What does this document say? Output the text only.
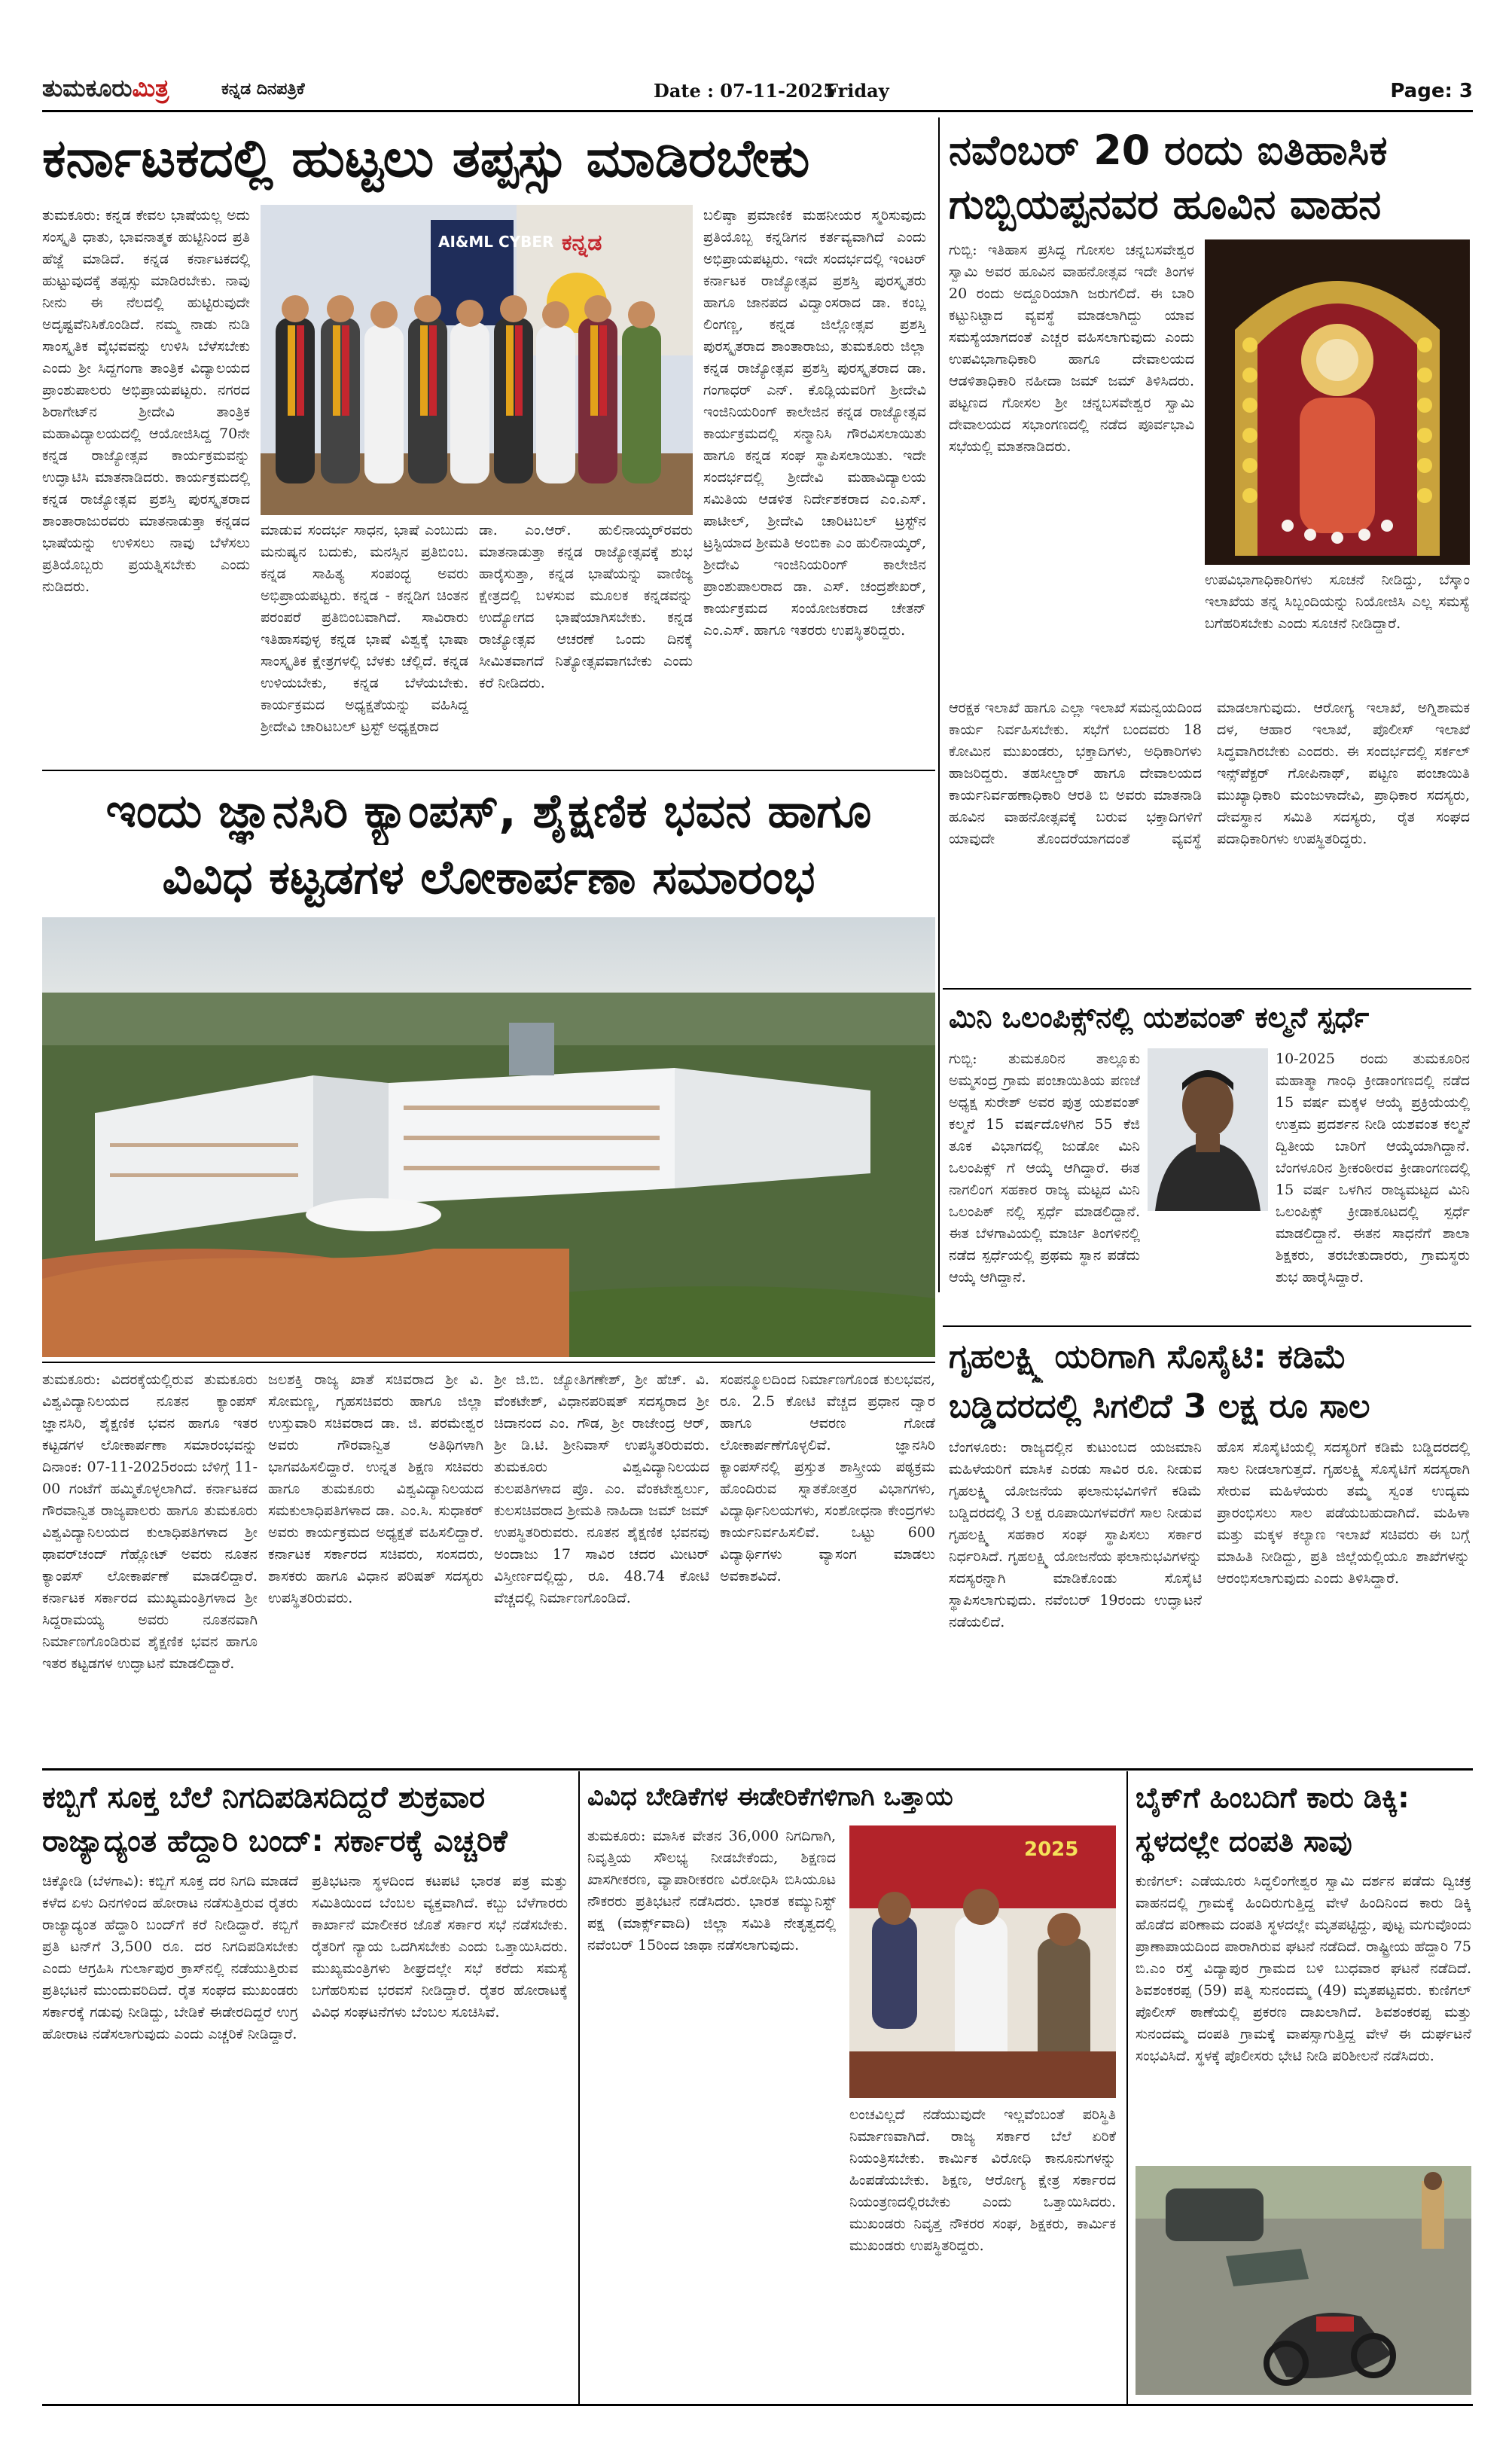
ತುಮಕೂರುಮಿತ್ರ	ಕನ್ನಡ ದಿನಪತ್ರಿಕೆ	Date : 07-11-2025
Friday	Page: 3
ಕರ್ನಾಟಕದಲ್ಲಿ ಹುಟ್ಟಲು ತಪ್ಪಸ್ಸು ಮಾಡಿರಬೇಕು
ತುಮಕೂರು: ಕನ್ನಡ ಕೇವಲ ಭಾಷೆಯಲ್ಲ ಅದು ಸಂಸ್ಕೃತಿ ಧಾತು, ಭಾವನಾತ್ಮಕ ಹುಟ್ಟಿನಿಂದ ಪ್ರತಿ ಹೆಜ್ಜೆ ಮಾಡಿದೆ. ಕನ್ನಡ ಕರ್ನಾಟಕದಲ್ಲಿ ಹುಟ್ಟುವುದಕ್ಕೆ ತಪ್ಪಸ್ಸು ಮಾಡಿರಬೇಕು. ನಾವು ನೀನು ಈ ನೆಲದಲ್ಲಿ ಹುಟ್ಟಿರುವುದೇ ಅದೃಷ್ಟವೆನಿಸಿಕೊಂಡಿದೆ. ನಮ್ಮ ನಾಡು ನುಡಿ ಸಾಂಸ್ಕೃತಿಕ ವೈಭವವನ್ನು ಉಳಿಸಿ ಬೆಳೆಸಬೇಕು ಎಂದು ಶ್ರೀ ಸಿದ್ದಗಂಗಾ ತಾಂತ್ರಿಕ ವಿದ್ಯಾಲಯದ ಪ್ರಾಂಶುಪಾಲರು ಅಭಿಪ್ರಾಯಪಟ್ಟರು. ನಗರದ ಶಿರಾಗೇಟ್‌ನ ಶ್ರೀದೇವಿ ತಾಂತ್ರಿಕ ಮಹಾವಿದ್ಯಾಲಯದಲ್ಲಿ ಆಯೋಜಿಸಿದ್ದ 70ನೇ ಕನ್ನಡ ರಾಜ್ಯೋತ್ಸವ ಕಾರ್ಯಕ್ರಮವನ್ನು ಉದ್ಘಾಟಿಸಿ ಮಾತನಾಡಿದರು. ಕಾರ್ಯಕ್ರಮದಲ್ಲಿ ಕನ್ನಡ ರಾಜ್ಯೋತ್ಸವ ಪ್ರಶಸ್ತಿ ಪುರಸ್ಕೃತರಾದ ಶಾಂತಾರಾಜುರವರು ಮಾತನಾಡುತ್ತಾ ಕನ್ನಡದ ಭಾಷೆಯನ್ನು ಉಳಿಸಲು ನಾವು ಬೆಳೆಸಲು ಪ್ರತಿಯೊಬ್ಬರು ಪ್ರಯತ್ನಿಸಬೇಕು ಎಂದು ನುಡಿದರು.
AI&ML CYBER ಕನ್ನಡ
ಮಾಡುವ ಸಂದರ್ಭ ಸಾಧನ, ಭಾಷೆ ಎಂಬುದು ಮನುಷ್ಯನ ಬದುಕು, ಮನಸ್ಸಿನ ಪ್ರತಿಬಿಂಬ. ಕನ್ನಡ ಸಾಹಿತ್ಯ ಸಂಪಂದ್ಭ ಅವರು ಅಭಿಪ್ರಾಯಪಟ್ಟರು. ಕನ್ನಡ - ಕನ್ನಡಿಗ ಚಿಂತನ ಪರಂಪರೆ ಪ್ರತಿಬಿಂಬವಾಗಿದೆ. ಸಾವಿರಾರು ಇತಿಹಾಸವುಳ್ಳ ಕನ್ನಡ ಭಾಷೆ ವಿಶ್ವಕ್ಕೆ ಭಾಷಾ ಸಾಂಸ್ಕೃತಿಕ ಕ್ಷೇತ್ರಗಳಲ್ಲಿ ಬೆಳಕು ಚೆಲ್ಲಿದೆ. ಕನ್ನಡ ಉಳಿಯಬೇಕು, ಕನ್ನಡ ಬೆಳೆಯಬೇಕು. ಕಾರ್ಯಕ್ರಮದ ಅಧ್ಯಕ್ಷತೆಯನ್ನು ವಹಿಸಿದ್ದ ಶ್ರೀದೇವಿ ಚಾರಿಟಬಲ್ ಟ್ರಸ್ಟ್ ಅಧ್ಯಕ್ಷರಾದ
ಡಾ. ಎಂ.ಆರ್. ಹುಲಿನಾಯ್ಕರ್‌ರವರು ಮಾತನಾಡುತ್ತಾ ಕನ್ನಡ ರಾಜ್ಯೋತ್ಸವಕ್ಕೆ ಶುಭ ಹಾರೈಸುತ್ತಾ, ಕನ್ನಡ ಭಾಷೆಯನ್ನು ವಾಣಿಜ್ಯ ಕ್ಷೇತ್ರದಲ್ಲಿ ಬಳಸುವ ಮೂಲಕ ಕನ್ನಡವನ್ನು ಉದ್ಯೋಗದ ಭಾಷೆಯಾಗಿಸಬೇಕು. ಕನ್ನಡ ರಾಜ್ಯೋತ್ಸವ ಆಚರಣೆ ಒಂದು ದಿನಕ್ಕೆ ಸೀಮಿತವಾಗದೆ ನಿತ್ಯೋತ್ಸವವಾಗಬೇಕು ಎಂದು ಕರೆ ನೀಡಿದರು.
ಬಲಿಷ್ಠಾ ಪ್ರಮಾಣಿಕ ಮಹನೀಯರ ಸ್ಮರಿಸುವುದು ಪ್ರತಿಯೊಬ್ಬ ಕನ್ನಡಿಗನ ಕರ್ತವ್ಯವಾಗಿದೆ ಎಂದು ಅಭಿಪ್ರಾಯಪಟ್ಟರು. ಇದೇ ಸಂದರ್ಭದಲ್ಲಿ ಇಂಟರ್ ಕರ್ನಾಟಕ ರಾಜ್ಯೋತ್ಸವ ಪ್ರಶಸ್ತಿ ಪುರಸ್ಕೃತರು ಹಾಗೂ ಜಾನಪದ ವಿದ್ವಾಂಸರಾದ ಡಾ. ಕಂಬ್ಲ ಲಿಂಗಣ್ಣ, ಕನ್ನಡ ಜಿಲ್ಲೋತ್ಸವ ಪ್ರಶಸ್ತಿ ಪುರಸ್ಕೃತರಾದ ಶಾಂತಾರಾಜು, ತುಮಕೂರು ಜಿಲ್ಲಾ ಕನ್ನಡ ರಾಜ್ಯೋತ್ಸವ ಪ್ರಶಸ್ತಿ ಪುರಸ್ಕೃತರಾದ ಡಾ. ಗಂಗಾಧರ್ ಎನ್. ಕೊಡ್ಲಿಯವರಿಗೆ ಶ್ರೀದೇವಿ ಇಂಜಿನಿಯರಿಂಗ್ ಕಾಲೇಜಿನ ಕನ್ನಡ ರಾಜ್ಯೋತ್ಸವ ಕಾರ್ಯಕ್ರಮದಲ್ಲಿ ಸನ್ಮಾನಿಸಿ ಗೌರವಿಸಲಾಯಿತು ಹಾಗೂ ಕನ್ನಡ ಸಂಘ ಸ್ಥಾಪಿಸಲಾಯಿತು. ಇದೇ ಸಂದರ್ಭದಲ್ಲಿ ಶ್ರೀದೇವಿ ಮಹಾವಿದ್ಯಾಲಯ ಸಮಿತಿಯ ಆಡಳಿತ ನಿರ್ದೇಶಕರಾದ ಎಂ.ಎಸ್. ಪಾಟೀಲ್, ಶ್ರೀದೇವಿ ಚಾರಿಟಬಲ್ ಟ್ರಸ್ಟ್‌ನ ಟ್ರಸ್ಟಿಯಾದ ಶ್ರೀಮತಿ ಅಂಬಿಕಾ ಎಂ ಹುಲಿನಾಯ್ಕರ್, ಶ್ರೀದೇವಿ ಇಂಜಿನಿಯರಿಂಗ್ ಕಾಲೇಜಿನ ಪ್ರಾಂಶುಪಾಲರಾದ ಡಾ. ಎಸ್. ಚಂದ್ರಶೇಖರ್, ಕಾರ್ಯಕ್ರಮದ ಸಂಯೋಜಕರಾದ ಚೇತನ್ ಎಂ.ಎಸ್. ಹಾಗೂ ಇತರರು ಉಪಸ್ಥಿತರಿದ್ದರು.
ಇಂದು ಜ್ಞಾನಸಿರಿ ಕ್ಯಾಂಪಸ್, ಶೈಕ್ಷಣಿಕ ಭವನ ಹಾಗೂ
ವಿವಿಧ ಕಟ್ಟಡಗಳ ಲೋಕಾರ್ಪಣಾ ಸಮಾರಂಭ
ತುಮಕೂರು: ವಿದರಕ್ಕೆಯಲ್ಲಿರುವ ತುಮಕೂರು ವಿಶ್ವವಿದ್ಯಾನಿಲಯದ ನೂತನ ಕ್ಯಾಂಪಸ್ ಜ್ಞಾನಸಿರಿ, ಶೈಕ್ಷಣಿಕ ಭವನ ಹಾಗೂ ಇತರ ಕಟ್ಟಡಗಳ ಲೋಕಾರ್ಪಣಾ ಸಮಾರಂಭವನ್ನು ದಿನಾಂಕ: 07-11-2025ರಂದು ಬೆಳಿಗ್ಗೆ 11-00 ಗಂಟೆಗೆ ಹಮ್ಮಿಕೊಳ್ಳಲಾಗಿದೆ. ಕರ್ನಾಟಕದ ಗೌರವಾನ್ವಿತ ರಾಜ್ಯಪಾಲರು ಹಾಗೂ ತುಮಕೂರು ವಿಶ್ವವಿದ್ಯಾನಿಲಯದ ಕುಲಾಧಿಪತಿಗಳಾದ ಶ್ರೀ ಥಾವರ್‌ಚಂದ್ ಗೆಹ್ಲೋಟ್ ಅವರು ನೂತನ ಕ್ಯಾಂಪಸ್ ಲೋಕಾರ್ಪಣೆ ಮಾಡಲಿದ್ದಾರೆ. ಕರ್ನಾಟಕ ಸರ್ಕಾರದ ಮುಖ್ಯಮಂತ್ರಿಗಳಾದ ಶ್ರೀ ಸಿದ್ದರಾಮಯ್ಯ ಅವರು ನೂತನವಾಗಿ ನಿರ್ಮಾಣಗೊಂಡಿರುವ ಶೈಕ್ಷಣಿಕ ಭವನ ಹಾಗೂ ಇತರ ಕಟ್ಟಡಗಳ ಉದ್ಘಾಟನೆ ಮಾಡಲಿದ್ದಾರೆ.
ಜಲಶಕ್ತಿ ರಾಜ್ಯ ಖಾತೆ ಸಚಿವರಾದ ಶ್ರೀ ವಿ. ಸೋಮಣ್ಣ, ಗೃಹಸಚಿವರು ಹಾಗೂ ಜಿಲ್ಲಾ ಉಸ್ತುವಾರಿ ಸಚಿವರಾದ ಡಾ. ಜಿ. ಪರಮೇಶ್ವರ ಅವರು ಗೌರವಾನ್ವಿತ ಅತಿಥಿಗಳಾಗಿ ಭಾಗವಹಿಸಲಿದ್ದಾರೆ. ಉನ್ನತ ಶಿಕ್ಷಣ ಸಚಿವರು ಹಾಗೂ ತುಮಕೂರು ವಿಶ್ವವಿದ್ಯಾನಿಲಯದ ಸಮಕುಲಾಧಿಪತಿಗಳಾದ ಡಾ. ಎಂ.ಸಿ. ಸುಧಾಕರ್ ಅವರು ಕಾರ್ಯಕ್ರಮದ ಅಧ್ಯಕ್ಷತೆ ವಹಿಸಲಿದ್ದಾರೆ. ಕರ್ನಾಟಕ ಸರ್ಕಾರದ ಸಚಿವರು, ಸಂಸದರು, ಶಾಸಕರು ಹಾಗೂ ವಿಧಾನ ಪರಿಷತ್ ಸದಸ್ಯರು ಉಪಸ್ಥಿತರಿರುವರು.
ಶ್ರೀ ಜಿ.ಬಿ. ಜ್ಯೋತಿಗಣೇಶ್, ಶ್ರೀ ಹೆಚ್. ವಿ. ವೆಂಕಟೇಶ್, ವಿಧಾನಪರಿಷತ್ ಸದಸ್ಯರಾದ ಶ್ರೀ ಚಿದಾನಂದ ಎಂ. ಗೌಡ, ಶ್ರೀ ರಾಜೇಂದ್ರ ಆರ್, ಶ್ರೀ ಡಿ.ಟಿ. ಶ್ರೀನಿವಾಸ್ ಉಪಸ್ಥಿತರಿರುವರು. ತುಮಕೂರು ವಿಶ್ವವಿದ್ಯಾನಿಲಯದ ಕುಲಪತಿಗಳಾದ ಪ್ರೊ. ಎಂ. ವೆಂಕಟೇಶ್ವರ್ಲು, ಕುಲಸಚಿವರಾದ ಶ್ರೀಮತಿ ನಾಹಿದಾ ಜಮ್ ಜಮ್ ಉಪಸ್ಥಿತರಿರುವರು. ನೂತನ ಶೈಕ್ಷಣಿಕ ಭವನವು ಅಂದಾಜು 17 ಸಾವಿರ ಚದರ ಮೀಟರ್ ವಿಸ್ತೀರ್ಣದಲ್ಲಿದ್ದು, ರೂ. 48.74 ಕೋಟಿ ವೆಚ್ಚದಲ್ಲಿ ನಿರ್ಮಾಣಗೊಂಡಿದೆ.
ಸಂಪನ್ಮೂಲದಿಂದ ನಿರ್ಮಾಣಗೊಂಡ ಕುಲಭವನ, ರೂ. 2.5 ಕೋಟಿ ವೆಚ್ಚದ ಪ್ರಧಾನ ದ್ವಾರ ಹಾಗೂ ಆವರಣ ಗೋಡೆ ಲೋಕಾರ್ಪಣೆಗೊಳ್ಳಲಿವೆ. ಜ್ಞಾನಸಿರಿ ಕ್ಯಾಂಪಸ್‌ನಲ್ಲಿ ಪ್ರಸ್ತುತ ಶಾಸ್ತ್ರೀಯ ಪಠ್ಯಕ್ರಮ ಹೊಂದಿರುವ ಸ್ನಾತಕೋತ್ತರ ವಿಭಾಗಗಳು, ವಿದ್ಯಾರ್ಥಿನಿಲಯಗಳು, ಸಂಶೋಧನಾ ಕೇಂದ್ರಗಳು ಕಾರ್ಯನಿರ್ವಹಿಸಲಿವೆ. ಒಟ್ಟು 600 ವಿದ್ಯಾರ್ಥಿಗಳು ವ್ಯಾಸಂಗ ಮಾಡಲು ಅವಕಾಶವಿದೆ.
ನವೆಂಬರ್ 20 ರಂದು ಐತಿಹಾಸಿಕ
ಗುಬ್ಬಿಯಪ್ಪನವರ ಹೂವಿನ ವಾಹನ
ಗುಬ್ಬಿ: ಇತಿಹಾಸ ಪ್ರಸಿದ್ಧ ಗೋಸಲ ಚನ್ನಬಸವೇಶ್ವರ ಸ್ವಾಮಿ ಅವರ ಹೂವಿನ ವಾಹನೋತ್ಸವ ಇದೇ ತಿಂಗಳ 20 ರಂದು ಅದ್ದೂರಿಯಾಗಿ ಜರುಗಲಿದೆ. ಈ ಬಾರಿ ಕಟ್ಟುನಿಟ್ಟಾದ ವ್ಯವಸ್ಥೆ ಮಾಡಲಾಗಿದ್ದು ಯಾವ ಸಮಸ್ಯೆಯಾಗದಂತೆ ಎಚ್ಚರ ವಹಿಸಲಾಗುವುದು ಎಂದು ಉಪವಿಭಾಗಾಧಿಕಾರಿ ಹಾಗೂ ದೇವಾಲಯದ ಆಡಳಿತಾಧಿಕಾರಿ ನಹೀದಾ ಜಮ್ ಜಮ್ ತಿಳಿಸಿದರು. ಪಟ್ಟಣದ ಗೋಸಲ ಶ್ರೀ ಚನ್ನಬಸವೇಶ್ವರ ಸ್ವಾಮಿ ದೇವಾಲಯದ ಸಭಾಂಗಣದಲ್ಲಿ ನಡೆದ ಪೂರ್ವಭಾವಿ ಸಭೆಯಲ್ಲಿ ಮಾತನಾಡಿದರು.
ಉಪವಿಭಾಗಾಧಿಕಾರಿಗಳು ಸೂಚನೆ ನೀಡಿದ್ದು, ಬೆಸ್ಕಾಂ ಇಲಾಖೆಯ ತನ್ನ ಸಿಬ್ಬಂದಿಯನ್ನು ನಿಯೋಜಿಸಿ ಎಲ್ಲ ಸಮಸ್ಯೆ ಬಗೆಹರಿಸಬೇಕು ಎಂದು ಸೂಚನೆ ನೀಡಿದ್ದಾರೆ.
ಆರಕ್ಷಕ ಇಲಾಖೆ ಹಾಗೂ ಎಲ್ಲಾ ಇಲಾಖೆ ಸಮನ್ವಯದಿಂದ ಕಾರ್ಯ ನಿರ್ವಹಿಸಬೇಕು. ಸಭೆಗೆ ಬಂದವರು 18 ಕೋಮಿನ ಮುಖಂಡರು, ಭಕ್ತಾದಿಗಳು, ಅಧಿಕಾರಿಗಳು ಹಾಜರಿದ್ದರು. ತಹಸೀಲ್ದಾರ್ ಹಾಗೂ ದೇವಾಲಯದ ಕಾರ್ಯನಿರ್ವಹಣಾಧಿಕಾರಿ ಆರತಿ ಬಿ ಅವರು ಮಾತನಾಡಿ ಹೂವಿನ ವಾಹನೋತ್ಸವಕ್ಕೆ ಬರುವ ಭಕ್ತಾದಿಗಳಿಗೆ ಯಾವುದೇ ತೊಂದರೆಯಾಗದಂತೆ ವ್ಯವಸ್ಥೆ ಮಾಡಲಾಗುವುದು. ಆರೋಗ್ಯ ಇಲಾಖೆ, ಅಗ್ನಿಶಾಮಕ ದಳ, ಆಹಾರ ಇಲಾಖೆ, ಪೊಲೀಸ್ ಇಲಾಖೆ ಸಿದ್ಧವಾಗಿರಬೇಕು ಎಂದರು. ಈ ಸಂದರ್ಭದಲ್ಲಿ ಸರ್ಕಲ್ ಇನ್ಸ್‌ಪೆಕ್ಟರ್ ಗೋಪಿನಾಥ್, ಪಟ್ಟಣ ಪಂಚಾಯಿತಿ ಮುಖ್ಯಾಧಿಕಾರಿ ಮಂಜುಳಾದೇವಿ, ಪ್ರಾಧಿಕಾರ ಸದಸ್ಯರು, ದೇವಸ್ಥಾನ ಸಮಿತಿ ಸದಸ್ಯರು, ರೈತ ಸಂಘದ ಪದಾಧಿಕಾರಿಗಳು ಉಪಸ್ಥಿತರಿದ್ದರು.
ಮಿನಿ ಒಲಂಪಿಕ್ಸ್‌ನಲ್ಲಿ ಯಶವಂತ್ ಕಲ್ಮನೆ ಸ್ಪರ್ಧೆ
ಗುಬ್ಬಿ: ತುಮಕೂರಿನ ತಾಲ್ಲೂಕು ಅಮ್ಮಸಂದ್ರ ಗ್ರಾಮ ಪಂಚಾಯಿತಿಯ ಪಣಜೆ ಅಧ್ಯಕ್ಷ ಸುರೇಶ್ ಅವರ ಪುತ್ರ ಯಶವಂತ್ ಕಲ್ಮನೆ 15 ವರ್ಷದೊಳಗಿನ 55 ಕೆಜಿ ತೂಕ ವಿಭಾಗದಲ್ಲಿ ಜುಡೋ ಮಿನಿ ಒಲಂಪಿಕ್ಸ್ ಗೆ ಆಯ್ಕೆ ಆಗಿದ್ದಾರೆ. ಈತ ನಾಗಲಿಂಗ ಸಹಕಾರ ರಾಜ್ಯ ಮಟ್ಟದ ಮಿನಿ ಒಲಂಪಿಕ್ ನಲ್ಲಿ ಸ್ಪರ್ಧೆ ಮಾಡಲಿದ್ದಾನೆ. ಈತ ಬೆಳಗಾವಿಯಲ್ಲಿ ಮಾರ್ಚಿ ತಿಂಗಳಿನಲ್ಲಿ ನಡೆದ ಸ್ಪರ್ಧೆಯಲ್ಲಿ ಪ್ರಥಮ ಸ್ಥಾನ ಪಡೆದು ಆಯ್ಕೆ ಆಗಿದ್ದಾನೆ.
10-2025 ರಂದು ತುಮಕೂರಿನ ಮಹಾತ್ಮಾ ಗಾಂಧಿ ಕ್ರೀಡಾಂಗಣದಲ್ಲಿ ನಡೆದ 15 ವರ್ಷ ಮಕ್ಕಳ ಆಯ್ಕೆ ಪ್ರಕ್ರಿಯೆಯಲ್ಲಿ ಉತ್ತಮ ಪ್ರದರ್ಶನ ನೀಡಿ ಯಶವಂತ ಕಲ್ಮನೆ ದ್ವಿತೀಯ ಬಾರಿಗೆ ಆಯ್ಕೆಯಾಗಿದ್ದಾನೆ. ಬೆಂಗಳೂರಿನ ಶ್ರೀಕಂಠೀರವ ಕ್ರೀಡಾಂಗಣದಲ್ಲಿ 15 ವರ್ಷ ಒಳಗಿನ ರಾಜ್ಯಮಟ್ಟದ ಮಿನಿ ಒಲಂಪಿಕ್ಸ್ ಕ್ರೀಡಾಕೂಟದಲ್ಲಿ ಸ್ಪರ್ಧೆ ಮಾಡಲಿದ್ದಾನೆ. ಈತನ ಸಾಧನೆಗೆ ಶಾಲಾ ಶಿಕ್ಷಕರು, ತರಬೇತುದಾರರು, ಗ್ರಾಮಸ್ಥರು ಶುಭ ಹಾರೈಸಿದ್ದಾರೆ.
ಗೃಹಲಕ್ಷ್ಮಿ ಯರಿಗಾಗಿ ಸೊಸೈಟಿ: ಕಡಿಮೆ
ಬಡ್ಡಿದರದಲ್ಲಿ ಸಿಗಲಿದೆ 3 ಲಕ್ಷ ರೂ ಸಾಲ
ಬೆಂಗಳೂರು: ರಾಜ್ಯದಲ್ಲಿನ ಕುಟುಂಬದ ಯಜಮಾನಿ ಮಹಿಳೆಯರಿಗೆ ಮಾಸಿಕ ಎರಡು ಸಾವಿರ ರೂ. ನೀಡುವ ಗೃಹಲಕ್ಷ್ಮಿ ಯೋಜನೆಯ ಫಲಾನುಭವಿಗಳಿಗೆ ಕಡಿಮೆ ಬಡ್ಡಿದರದಲ್ಲಿ 3 ಲಕ್ಷ ರೂಪಾಯಿಗಳವರೆಗೆ ಸಾಲ ನೀಡುವ ಗೃಹಲಕ್ಷ್ಮಿ ಸಹಕಾರ ಸಂಘ ಸ್ಥಾಪಿಸಲು ಸರ್ಕಾರ ನಿರ್ಧರಿಸಿದೆ. ಗೃಹಲಕ್ಷ್ಮಿ ಯೋಜನೆಯ ಫಲಾನುಭವಿಗಳನ್ನು ಸದಸ್ಯರನ್ನಾಗಿ ಮಾಡಿಕೊಂಡು ಸೊಸೈಟಿ ಸ್ಥಾಪಿಸಲಾಗುವುದು. ನವೆಂಬರ್ 19ರಂದು ಉದ್ಘಾಟನೆ ನಡೆಯಲಿದೆ.
ಹೊಸ ಸೊಸೈಟಿಯಲ್ಲಿ ಸದಸ್ಯರಿಗೆ ಕಡಿಮೆ ಬಡ್ಡಿದರದಲ್ಲಿ ಸಾಲ ನೀಡಲಾಗುತ್ತದೆ. ಗೃಹಲಕ್ಷ್ಮಿ ಸೊಸೈಟಿಗೆ ಸದಸ್ಯರಾಗಿ ಸೇರುವ ಮಹಿಳೆಯರು ತಮ್ಮ ಸ್ವಂತ ಉದ್ಯಮ ಪ್ರಾರಂಭಿಸಲು ಸಾಲ ಪಡೆಯಬಹುದಾಗಿದೆ. ಮಹಿಳಾ ಮತ್ತು ಮಕ್ಕಳ ಕಲ್ಯಾಣ ಇಲಾಖೆ ಸಚಿವರು ಈ ಬಗ್ಗೆ ಮಾಹಿತಿ ನೀಡಿದ್ದು, ಪ್ರತಿ ಜಿಲ್ಲೆಯಲ್ಲಿಯೂ ಶಾಖೆಗಳನ್ನು ಆರಂಭಿಸಲಾಗುವುದು ಎಂದು ತಿಳಿಸಿದ್ದಾರೆ.
ಕಬ್ಬಿಗೆ ಸೂಕ್ತ ಬೆಲೆ ನಿಗದಿಪಡಿಸದಿದ್ದರೆ ಶುಕ್ರವಾರ
ರಾಜ್ಯಾದ್ಯಂತ ಹೆದ್ದಾರಿ ಬಂದ್: ಸರ್ಕಾರಕ್ಕೆ ಎಚ್ಚರಿಕೆ
ಚಿಕ್ಕೋಡಿ (ಬೆಳಗಾವಿ): ಕಬ್ಬಿಗೆ ಸೂಕ್ತ ದರ ನಿಗದಿ ಮಾಡದೆ ಕಳೆದ ಏಳು ದಿನಗಳಿಂದ ಹೋರಾಟ ನಡೆಸುತ್ತಿರುವ ರೈತರು ರಾಜ್ಯಾದ್ಯಂತ ಹೆದ್ದಾರಿ ಬಂದ್‌ಗೆ ಕರೆ ನೀಡಿದ್ದಾರೆ. ಕಬ್ಬಿಗೆ ಪ್ರತಿ ಟನ್‌ಗೆ 3,500 ರೂ. ದರ ನಿಗದಿಪಡಿಸಬೇಕು ಎಂದು ಆಗ್ರಹಿಸಿ ಗುರ್ಲಾಪುರ ಕ್ರಾಸ್‌ನಲ್ಲಿ ನಡೆಯುತ್ತಿರುವ ಪ್ರತಿಭಟನೆ ಮುಂದುವರಿದಿದೆ. ರೈತ ಸಂಘದ ಮುಖಂಡರು ಸರ್ಕಾರಕ್ಕೆ ಗಡುವು ನೀಡಿದ್ದು, ಬೇಡಿಕೆ ಈಡೇರದಿದ್ದರೆ ಉಗ್ರ ಹೋರಾಟ ನಡೆಸಲಾಗುವುದು ಎಂದು ಎಚ್ಚರಿಕೆ ನೀಡಿದ್ದಾರೆ.
ಪ್ರತಿಭಟನಾ ಸ್ಥಳದಿಂದ ಕಟಪಟಿ ಭಾರತ ಪತ್ರ ಮತ್ತು ಸಮಿತಿಯಿಂದ ಬೆಂಬಲ ವ್ಯಕ್ತವಾಗಿದೆ. ಕಬ್ಬು ಬೆಳೆಗಾರರು ಕಾರ್ಖಾನೆ ಮಾಲೀಕರ ಜೊತೆ ಸರ್ಕಾರ ಸಭೆ ನಡೆಸಬೇಕು. ರೈತರಿಗೆ ನ್ಯಾಯ ಒದಗಿಸಬೇಕು ಎಂದು ಒತ್ತಾಯಿಸಿದರು. ಮುಖ್ಯಮಂತ್ರಿಗಳು ಶೀಘ್ರದಲ್ಲೇ ಸಭೆ ಕರೆದು ಸಮಸ್ಯೆ ಬಗೆಹರಿಸುವ ಭರವಸೆ ನೀಡಿದ್ದಾರೆ. ರೈತರ ಹೋರಾಟಕ್ಕೆ ವಿವಿಧ ಸಂಘಟನೆಗಳು ಬೆಂಬಲ ಸೂಚಿಸಿವೆ.
ವಿವಿಧ ಬೇಡಿಕೆಗಳ ಈಡೇರಿಕೆಗಳಿಗಾಗಿ ಒತ್ತಾಯ
ತುಮಕೂರು: ಮಾಸಿಕ ವೇತನ 36,000 ನಿಗದಿಗಾಗಿ, ನಿವೃತ್ತಿಯ ಸೌಲಭ್ಯ ನೀಡಬೇಕೆಂದು, ಶಿಕ್ಷಣದ ಖಾಸಗೀಕರಣ, ವ್ಯಾಪಾರೀಕರಣ ವಿರೋಧಿಸಿ ಬಿಸಿಯೂಟ ನೌಕರರು ಪ್ರತಿಭಟನೆ ನಡೆಸಿದರು. ಭಾರತ ಕಮ್ಯುನಿಸ್ಟ್ ಪಕ್ಷ (ಮಾರ್ಕ್ಸ್‌ವಾದಿ) ಜಿಲ್ಲಾ ಸಮಿತಿ ನೇತೃತ್ವದಲ್ಲಿ ನವೆಂಬರ್ 15ರಿಂದ ಜಾಥಾ ನಡೆಸಲಾಗುವುದು.
2025
ಲಂಚವಿಲ್ಲದೆ ನಡೆಯುವುದೇ ಇಲ್ಲವೆಂಬಂತೆ ಪರಿಸ್ಥಿತಿ ನಿರ್ಮಾಣವಾಗಿದೆ. ರಾಜ್ಯ ಸರ್ಕಾರ ಬೆಲೆ ಏರಿಕೆ ನಿಯಂತ್ರಿಸಬೇಕು. ಕಾರ್ಮಿಕ ವಿರೋಧಿ ಕಾನೂನುಗಳನ್ನು ಹಿಂಪಡೆಯಬೇಕು. ಶಿಕ್ಷಣ, ಆರೋಗ್ಯ ಕ್ಷೇತ್ರ ಸರ್ಕಾರದ ನಿಯಂತ್ರಣದಲ್ಲಿರಬೇಕು ಎಂದು ಒತ್ತಾಯಿಸಿದರು. ಮುಖಂಡರು ನಿವೃತ್ತ ನೌಕರರ ಸಂಘ, ಶಿಕ್ಷಕರು, ಕಾರ್ಮಿಕ ಮುಖಂಡರು ಉಪಸ್ಥಿತರಿದ್ದರು.
ಬೈಕ್‌ಗೆ ಹಿಂಬದಿಗೆ ಕಾರು ಡಿಕ್ಕಿ:
ಸ್ಥಳದಲ್ಲೇ ದಂಪತಿ ಸಾವು
ಕುಣಿಗಲ್: ಎಡೆಯೂರು ಸಿದ್ಧಲಿಂಗೇಶ್ವರ ಸ್ವಾಮಿ ದರ್ಶನ ಪಡೆದು ದ್ವಿಚಕ್ರ ವಾಹನದಲ್ಲಿ ಗ್ರಾಮಕ್ಕೆ ಹಿಂದಿರುಗುತ್ತಿದ್ದ ವೇಳೆ ಹಿಂದಿನಿಂದ ಕಾರು ಡಿಕ್ಕಿ ಹೊಡೆದ ಪರಿಣಾಮ ದಂಪತಿ ಸ್ಥಳದಲ್ಲೇ ಮೃತಪಟ್ಟಿದ್ದು, ಪುಟ್ಟ ಮಗುವೊಂದು ಪ್ರಾಣಾಪಾಯದಿಂದ ಪಾರಾಗಿರುವ ಘಟನೆ ನಡೆದಿದೆ. ರಾಷ್ಟ್ರೀಯ ಹೆದ್ದಾರಿ 75 ಬಿ.ಎಂ ರಸ್ತೆ ವಿದ್ಯಾಪುರ ಗ್ರಾಮದ ಬಳಿ ಬುಧವಾರ ಘಟನೆ ನಡೆದಿದೆ. ಶಿವಶಂಕರಪ್ಪ (59) ಪತ್ನಿ ಸುನಂದಮ್ಮ (49) ಮೃತಪಟ್ಟವರು. ಕುಣಿಗಲ್ ಪೊಲೀಸ್ ಠಾಣೆಯಲ್ಲಿ ಪ್ರಕರಣ ದಾಖಲಾಗಿದೆ. ಶಿವಶಂಕರಪ್ಪ ಮತ್ತು ಸುನಂದಮ್ಮ ದಂಪತಿ ಗ್ರಾಮಕ್ಕೆ ವಾಪಸ್ಸಾಗುತ್ತಿದ್ದ ವೇಳೆ ಈ ದುರ್ಘಟನೆ ಸಂಭವಿಸಿದೆ. ಸ್ಥಳಕ್ಕೆ ಪೊಲೀಸರು ಭೇಟಿ ನೀಡಿ ಪರಿಶೀಲನೆ ನಡೆಸಿದರು.
